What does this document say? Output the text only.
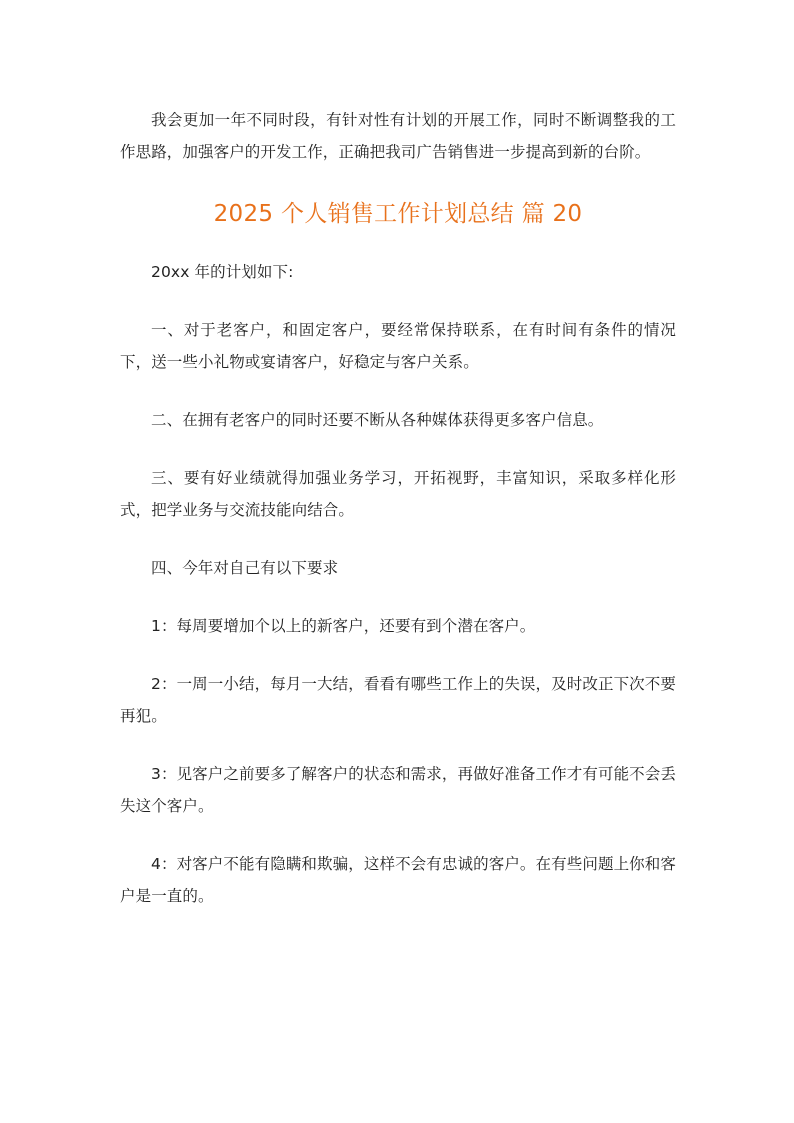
我会更加一年不同时段，有针对性有计划的开展工作，同时不断调整我的工作思路，加强客户的开发工作，正确把我司广告销售进一步提高到新的台阶。

2025 个人销售工作计划总结 篇 20

20xx 年的计划如下:

一、对于老客户，和固定客户，要经常保持联系，在有时间有条件的情况下，送一些小礼物或宴请客户，好稳定与客户关系。

二、在拥有老客户的同时还要不断从各种媒体获得更多客户信息。

三、要有好业绩就得加强业务学习，开拓视野，丰富知识，采取多样化形式，把学业务与交流技能向结合。

四、今年对自己有以下要求

1：每周要增加个以上的新客户，还要有到个潜在客户。

2：一周一小结，每月一大结，看看有哪些工作上的失误，及时改正下次不要再犯。

3：见客户之前要多了解客户的状态和需求，再做好准备工作才有可能不会丢失这个客户。

4：对客户不能有隐瞒和欺骗，这样不会有忠诚的客户。在有些问题上你和客户是一直的。
